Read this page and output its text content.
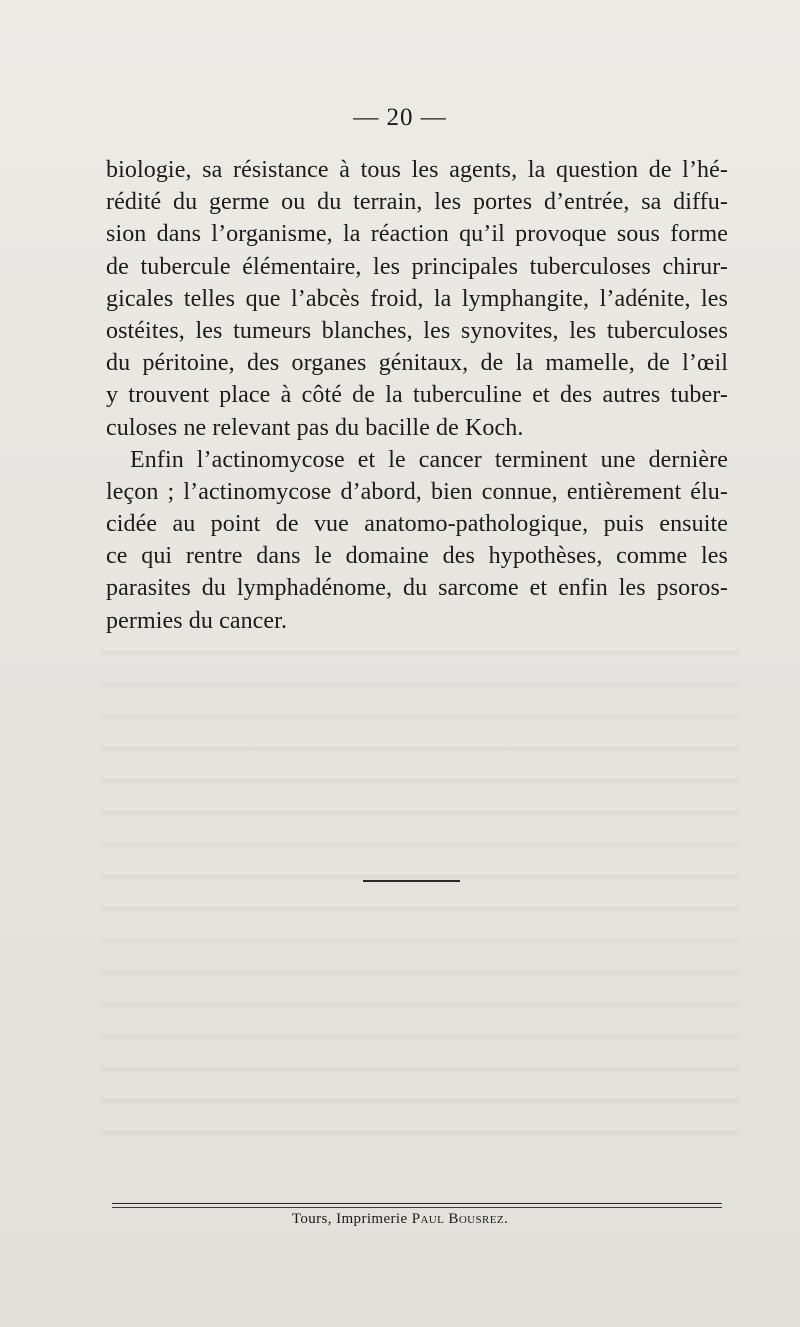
— 20 —
biologie, sa résistance à tous les agents, la question de l’hé-
rédité du germe ou du terrain, les portes d’entrée, sa diffu-
sion dans l’organisme, la réaction qu’il provoque sous forme
de tubercule élémentaire, les principales tuberculoses chirur-
gicales telles que l’abcès froid, la lymphangite, l’adénite, les
ostéites, les tumeurs blanches, les synovites, les tuberculoses
du péritoine, des organes génitaux, de la mamelle, de l’œil
y trouvent place à côté de la tuberculine et des autres tuber-
culoses ne relevant pas du bacille de Koch.
Enfin l’actinomycose et le cancer terminent une dernière
leçon ; l’actinomycose d’abord, bien connue, entièrement élu-
cidée au point de vue anatomo-pathologique, puis ensuite
ce qui rentre dans le domaine des hypothèses, comme les
parasites du lymphadénome, du sarcome et enfin les psoros-
permies du cancer.
Tours, Imprimerie Paul Bousrez.
